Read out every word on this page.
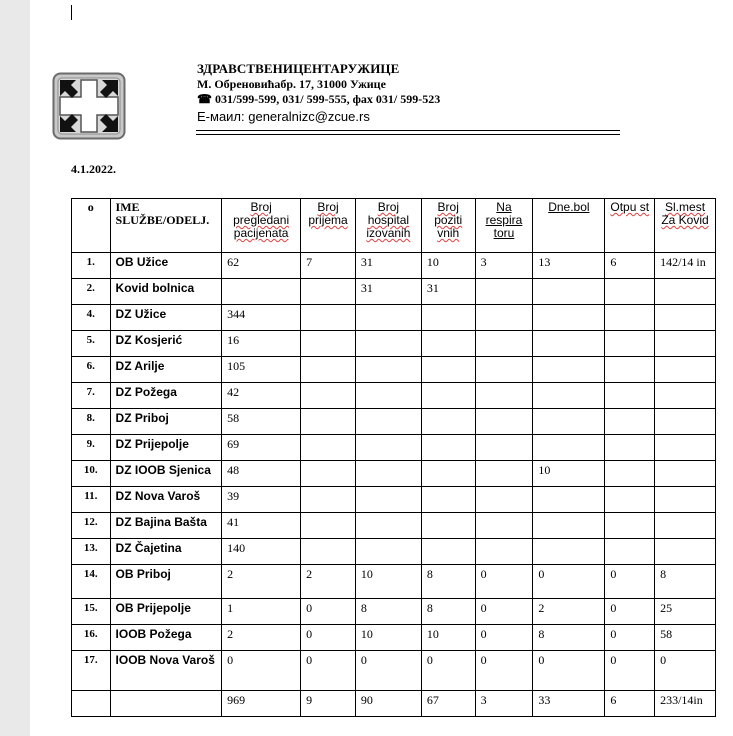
ЗДРАВСТВЕНИЦЕНТАРУЖИЦЕ
М. Обреновићабр. 17, 31000 Ужице
☎ 031/599-599, 031/ 599-555, фах 031/ 599-523
Е-маил: generalnizc@zcue.rs
4.1.2022.
o	IME SLUŽBE/ODELJ.	Broj pregledani pacijenata	Broj prijema	Broj hospital izovanih	Broj poziti vnih	Na respira toru	Dne.bol	Otpu st	Sl.mest Za Kovid
1.	OB Užice	62	7	31	10	3	13	6	142/14 in
2.	Kovid bolnica			31	31				
4.	DZ Užice	344							
5.	DZ Kosjerić	16							
6.	DZ Arilje	105							
7.	DZ Požega	42							
8.	DZ Priboj	58							
9.	DZ Prijepolje	69							
10.	DZ IOOB Sjenica	48					10		
11.	DZ Nova Varoš	39							
12.	DZ Bajina Bašta	41							
13.	DZ Čajetina	140							
14.	OB Priboj	2	2	10	8	0	0	0	8
15.	OB Prijepolje	1	0	8	8	0	2	0	25
16.	IOOB Požega	2	0	10	10	0	8	0	58
17.	IOOB Nova Varoš	0	0	0	0	0	0	0	0
		969	9	90	67	3	33	6	233/14in
